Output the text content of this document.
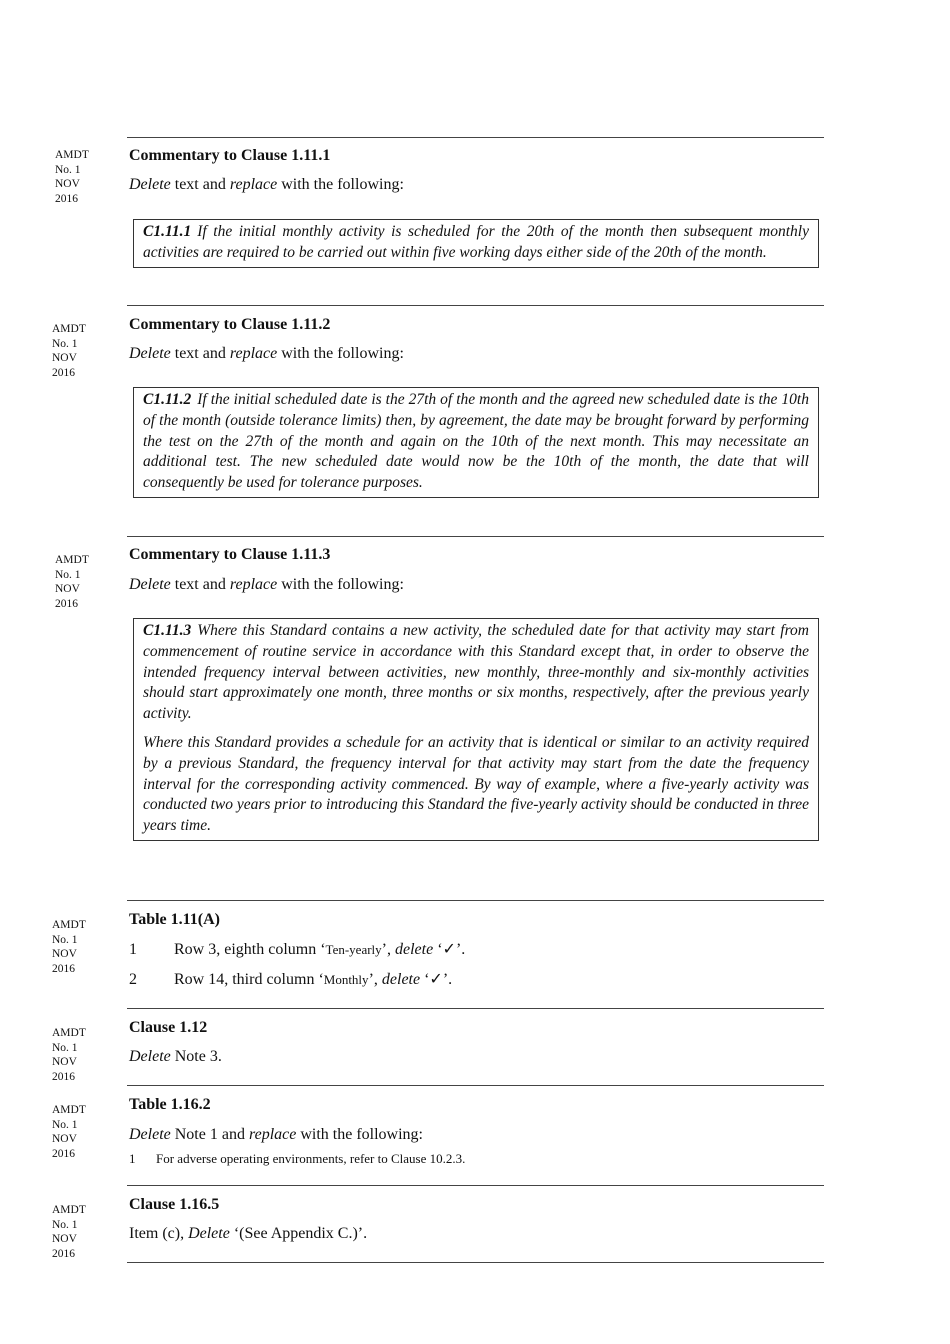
AMDT
No. 1
NOV
2016
Commentary to Clause 1.11.1
Delete text and replace with the following:

C1.11.1 If the initial monthly activity is scheduled for the 20th of the month then subsequent monthly activities are required to be carried out within five working days either side of the 20th of the month.

AMDT
No. 1
NOV
2016
Commentary to Clause 1.11.2
Delete text and replace with the following:

C1.11.2 If the initial scheduled date is the 27th of the month and the agreed new scheduled date is the 10th of the month (outside tolerance limits) then, by agreement, the date may be brought forward by performing the test on the 27th of the month and again on the 10th of the next month. This may necessitate an additional test. The new scheduled date would now be the 10th of the month, the date that will consequently be used for tolerance purposes.

AMDT
No. 1
NOV
2016
Commentary to Clause 1.11.3
Delete text and replace with the following:

C1.11.3 Where this Standard contains a new activity, the scheduled date for that activity may start from commencement of routine service in accordance with this Standard except that, in order to observe the intended frequency interval between activities, new monthly, three-monthly and six-monthly activities should start approximately one month, three months or six months, respectively, after the previous yearly activity.

Where this Standard provides a schedule for an activity that is identical or similar to an activity required by a previous Standard, the frequency interval for that activity may start from the date the frequency interval for the corresponding activity commenced. By way of example, where a five-yearly activity was conducted two years prior to introducing this Standard the five-yearly activity should be conducted in three years time.

AMDT
No. 1
NOV
2016
Table 1.11(A)
1 Row 3, eighth column ‘Ten-yearly’, delete ‘✓’.
2 Row 14, third column ‘Monthly’, delete ‘✓’.
AMDT
No. 1
NOV
2016
Clause 1.12
Delete Note 3.
AMDT
No. 1
NOV
2016
Table 1.16.2
Delete Note 1 and replace with the following:
1 For adverse operating environments, refer to Clause 10.2.3.
AMDT
No. 1
NOV
2016
Clause 1.16.5
Item (c), Delete ‘(See Appendix C.)’.
